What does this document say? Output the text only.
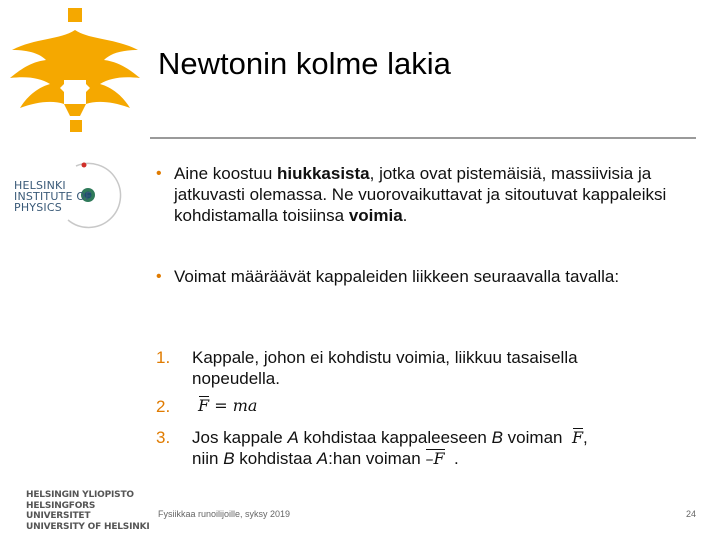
Newtonin kolme lakia
HELSINKI
INSTITUTE OF
PHYSICS
• Aine koostuu hiukkasista, jotka ovat pistemäisiä, massiivisia ja jatkuvasti olemassa. Ne vuorovaikuttavat ja sitoutuvat kappaleiksi kohdistamalla toisiinsa voimia.
• Voimat määräävät kappaleiden liikkeen seuraavalla tavalla:
1. Kappale, johon ei kohdistu voimia, liikkuu tasaisella nopeudella.
2. F = ma
3. Jos kappale A kohdistaa kappaleeseen B voiman F,
niin B kohdistaa A:han voiman –F .
HELSINGIN YLIOPISTO
HELSINGFORS UNIVERSITET
UNIVERSITY OF HELSINKI
Fysiikkaa runoilijoille, syksy 2019	24
